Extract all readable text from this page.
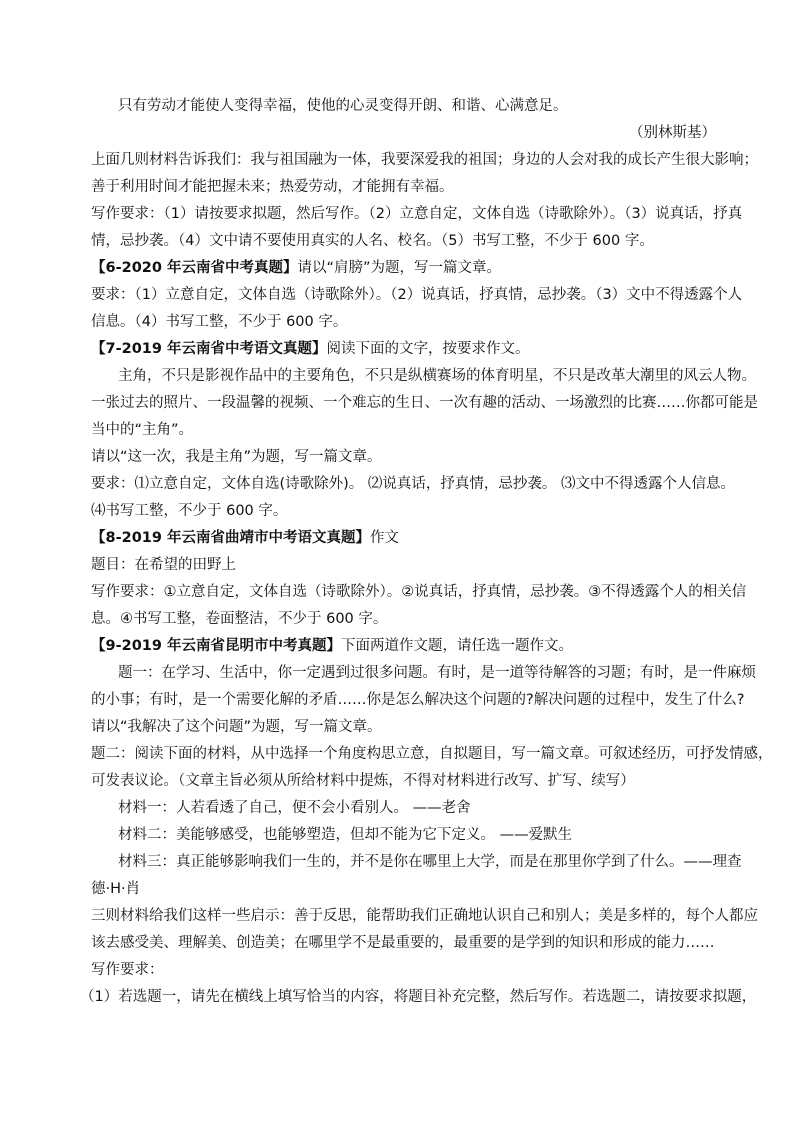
只有劳动才能使人变得幸福，使他的心灵变得开朗、和谐、心满意足。
（别林斯基）
上面几则材料告诉我们：我与祖国融为一体，我要深爱我的祖国；身边的人会对我的成长产生很大影响；
善于利用时间才能把握未来；热爱劳动，才能拥有幸福。
写作要求：（1）请按要求拟题，然后写作。（2）立意自定，文体自选（诗歌除外）。（3）说真话，抒真
情，忌抄袭。（4）文中请不要使用真实的人名、校名。（5）书写工整，不少于 600 字。
【6-2020 年云南省中考真题】请以“肩膀”为题，写一篇文章。
要求：（1）立意自定，文体自选（诗歌除外）。（2）说真话，抒真情，忌抄袭。（3）文中不得透露个人
信息。（4）书写工整，不少于 600 字。
【7-2019 年云南省中考语文真题】阅读下面的文字，按要求作文。
主角，不只是影视作品中的主要角色，不只是纵横赛场的体育明星，不只是改革大潮里的风云人物。
一张过去的照片、一段温馨的视频、一个难忘的生日、一次有趣的活动、一场激烈的比赛……你都可能是
当中的“主角”。
请以“这一次，我是主角”为题，写一篇文章。
要求：⑴立意自定，文体自选(诗歌除外)。 ⑵说真话，抒真情，忌抄袭。 ⑶文中不得透露个人信息。
⑷书写工整，不少于 600 字。
【8-2019 年云南省曲靖市中考语文真题】作文
题目：在希望的田野上
写作要求：①立意自定，文体自选（诗歌除外）。②说真话，抒真情，忌抄袭。③不得透露个人的相关信
息。④书写工整，卷面整洁，不少于 600 字。
【9-2019 年云南省昆明市中考真题】下面两道作文题，请任选一题作文。
题一：在学习、生活中，你一定遇到过很多问题。有时，是一道等待解答的习题；有时，是一件麻烦
的小事；有时，是一个需要化解的矛盾……你是怎么解决这个问题的?解决问题的过程中，发生了什么?
请以“我解决了这个问题”为题，写一篇文章。
题二：阅读下面的材料，从中选择一个角度构思立意，自拟题目，写一篇文章。可叙述经历，可抒发情感，
可发表议论。（文章主旨必须从所给材料中提炼，不得对材料进行改写、扩写、续写）
材料一：人若看透了自己，便不会小看别人。 ——老舍
材料二：美能够感受，也能够塑造，但却不能为它下定义。 ——爱默生
材料三：真正能够影响我们一生的，并不是你在哪里上大学，而是在那里你学到了什么。——理查
德·H·肖
三则材料给我们这样一些启示：善于反思，能帮助我们正确地认识自己和别人；美是多样的，每个人都应
该去感受美、理解美、创造美；在哪里学不是最重要的，最重要的是学到的知识和形成的能力……
写作要求：
（1）若选题一，请先在横线上填写恰当的内容，将题目补充完整，然后写作。若选题二，请按要求拟题，
